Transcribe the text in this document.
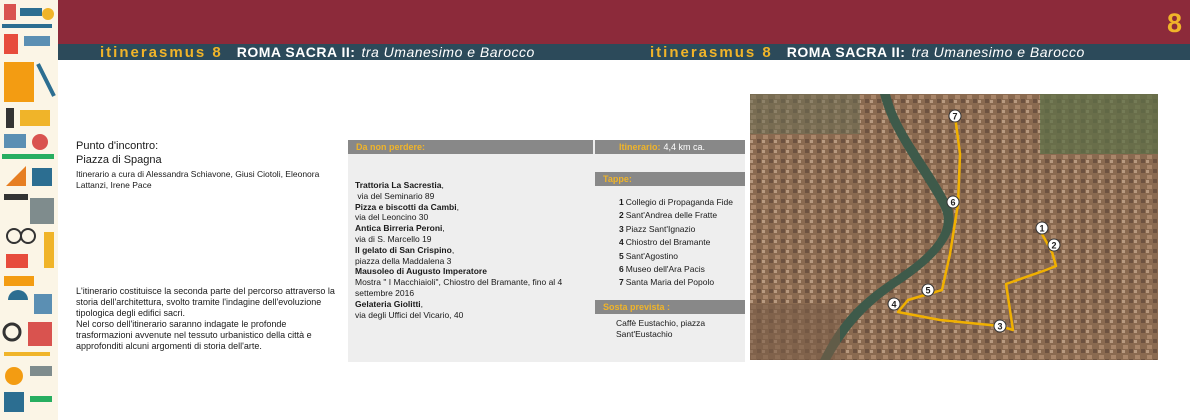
8
itinerasmus 8 ROMA SACRA II: tra Umanesimo e Barocco	itinerasmus 8 ROMA SACRA II: tra Umanesimo e Barocco
Punto d'incontro:
Piazza di Spagna
Itinerario a cura di Alessandra Schiavone, Giusi Ciotoli, Eleonora Lattanzi, Irene Pace

L'itinerario costituisce la seconda parte del percorso attraverso la storia dell'architettura, svolto tramite l'indagine dell'evoluzione tipologica degli edifici sacri.

Nel corso dell'itinerario saranno indagate le profonde trasformazioni avvenute nel tessuto urbanistico della città e approfonditi alcuni argomenti di storia dell'arte.

Da non perdere:	Itinerario: 4,4 km ca.
Trattoria La Sacrestia,
via del Seminario 89
Pizza e biscotti da Cambi,
via del Leoncino 30
Antica Birreria Peroni,
via di S. Marcello 19
Il gelato di San Crispino,
piazza della Maddalena 3
Mausoleo di Augusto Imperatore
Mostra " I Macchiaioli", Chiostro del Bramante, fino al 4 settembre 2016
Gelateria Giolitti,
via degli Uffici del Vicario, 40
Tappe:
1 Collegio di Propaganda Fide
2 Sant'Andrea delle Fratte
3 Piazz Sant'Ignazio
4 Chiostro del Bramante
5 Sant'Agostino
6 Museo dell'Ara Pacis
7 Santa Maria del Popolo
Sosta prevista :
Caffè Eustachio, piazza Sant'Eustachio
1
2
3
4
5
6
7
